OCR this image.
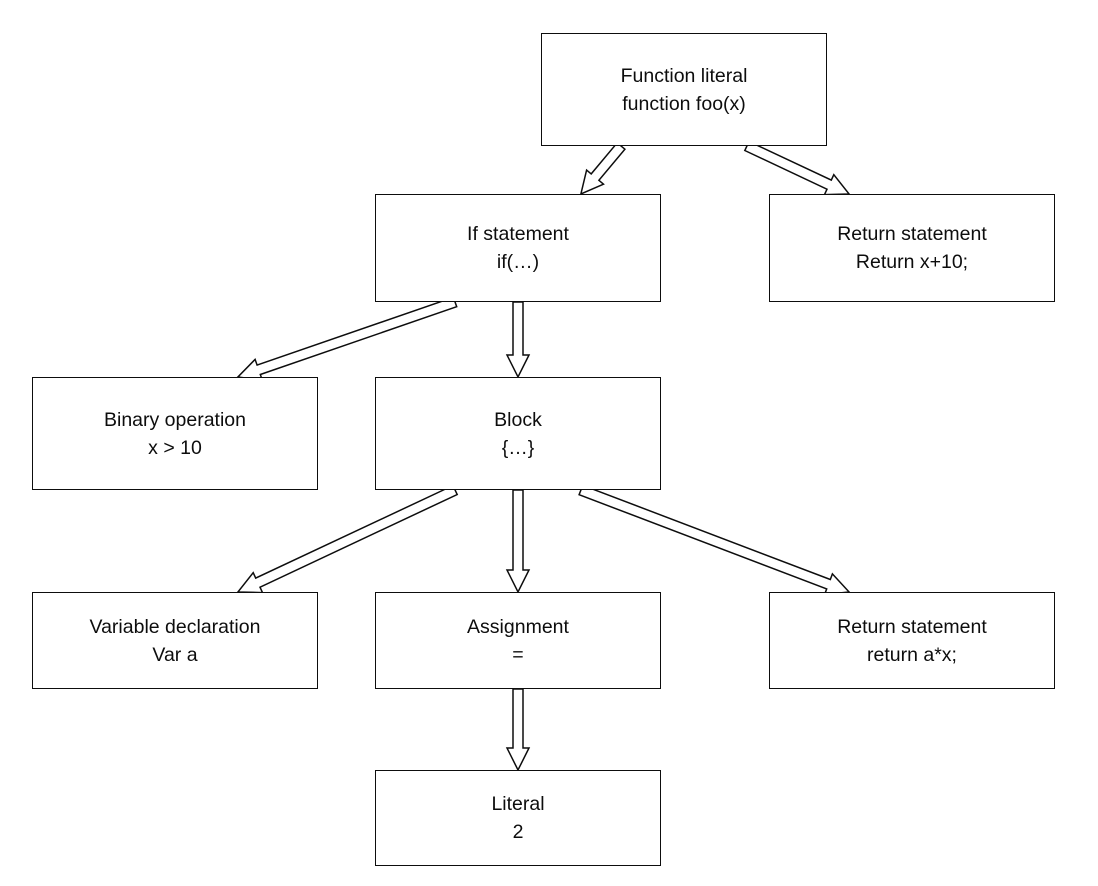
Function literal
function foo(x)
If statement
if(…)
Return statement
Return x+10;
Binary operation
x > 10
Block
{…}
Variable declaration
Var a
Assignment
=
Return statement
return a*x;
Literal
2
